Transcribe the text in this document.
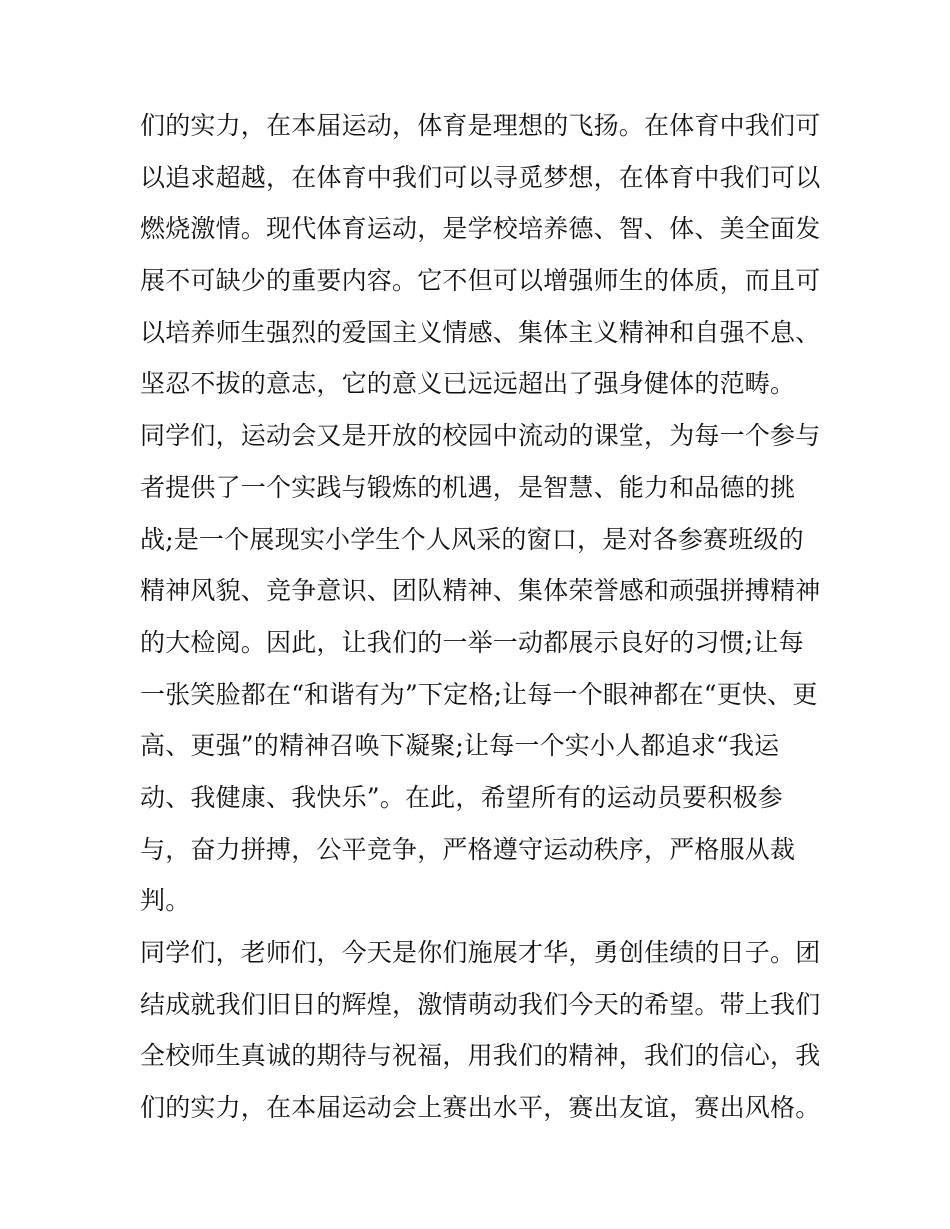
们的实力，在本届运动，体育是理想的飞扬。在体育中我们可
以追求超越，在体育中我们可以寻觅梦想，在体育中我们可以
燃烧激情。现代体育运动，是学校培养德、智、体、美全面发
展不可缺少的重要内容。它不但可以增强师生的体质，而且可
以培养师生强烈的爱国主义情感、集体主义精神和自强不息、
坚忍不拔的意志，它的意义已远远超出了强身健体的范畴。
同学们，运动会又是开放的校园中流动的课堂，为每一个参与
者提供了一个实践与锻炼的机遇，是智慧、能力和品德的挑
战;是一个展现实小学生个人风采的窗口，是对各参赛班级的
精神风貌、竞争意识、团队精神、集体荣誉感和顽强拼搏精神
的大检阅。因此，让我们的一举一动都展示良好的习惯;让每
一张笑脸都在“和谐有为”下定格;让每一个眼神都在“更快、更
高、更强”的精神召唤下凝聚;让每一个实小人都追求“我运
动、我健康、我快乐”。在此，希望所有的运动员要积极参
与，奋力拼搏，公平竞争，严格遵守运动秩序，严格服从裁
判。
同学们，老师们，今天是你们施展才华，勇创佳绩的日子。团
结成就我们旧日的辉煌，激情萌动我们今天的希望。带上我们
全校师生真诚的期待与祝福，用我们的精神，我们的信心，我
们的实力，在本届运动会上赛出水平，赛出友谊，赛出风格。
